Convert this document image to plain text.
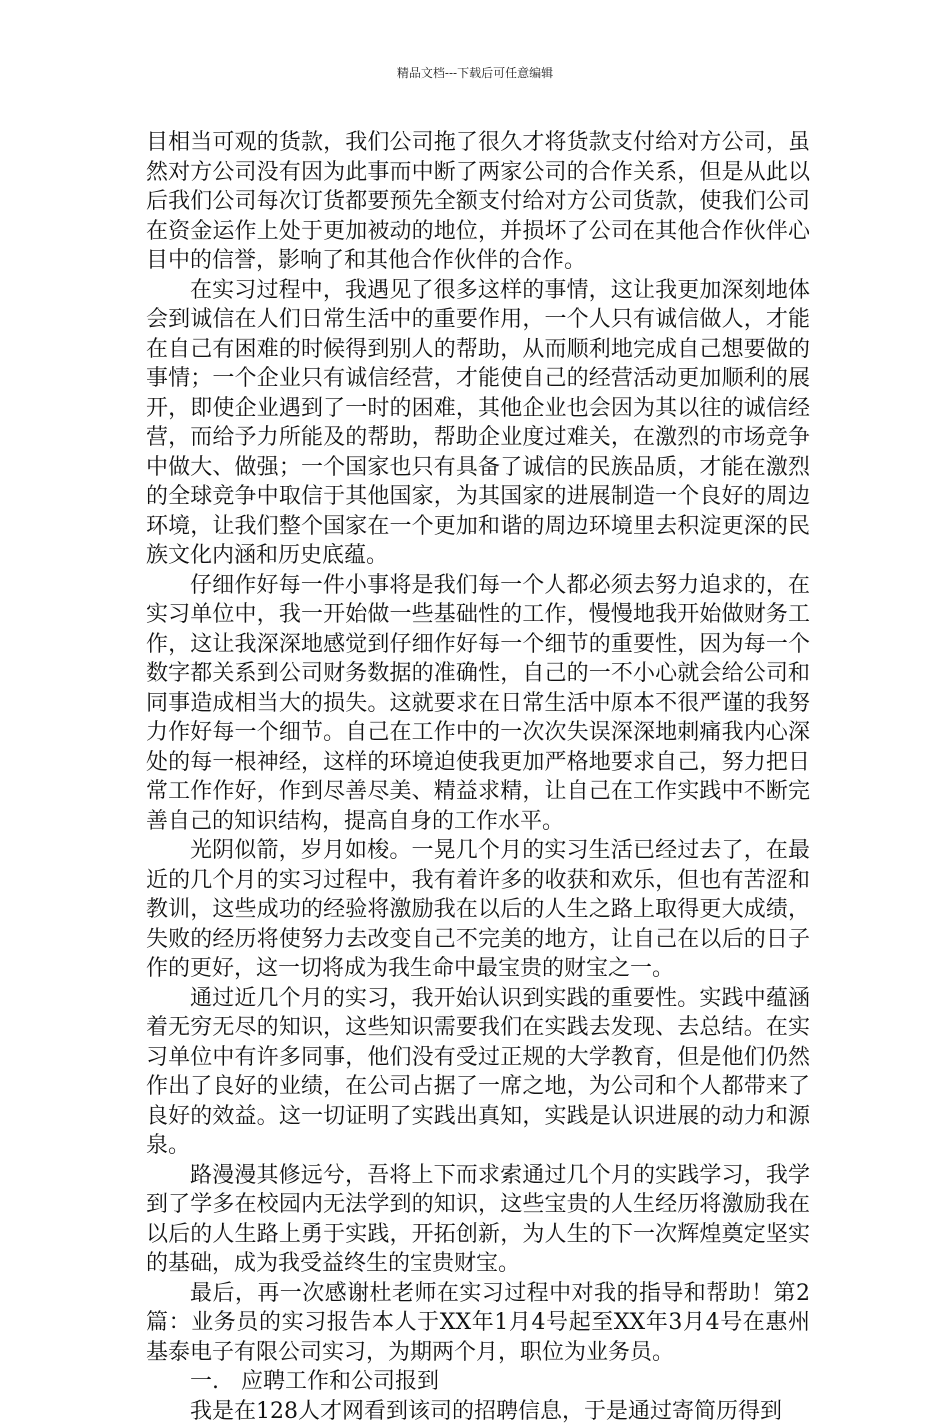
精品文档---下载后可任意编辑

目相当可观的货款，我们公司拖了很久才将货款支付给对方公司，虽然对方公司没有因为此事而中断了两家公司的合作关系，但是从此以后我们公司每次订货都要预先全额支付给对方公司货款，使我们公司在资金运作上处于更加被动的地位，并损坏了公司在其他合作伙伴心目中的信誉，影响了和其他合作伙伴的合作。

在实习过程中，我遇见了很多这样的事情，这让我更加深刻地体会到诚信在人们日常生活中的重要作用，一个人只有诚信做人，才能在自己有困难的时候得到别人的帮助，从而顺利地完成自己想要做的事情；一个企业只有诚信经营，才能使自己的经营活动更加顺利的展开，即使企业遇到了一时的困难，其他企业也会因为其以往的诚信经营，而给予力所能及的帮助，帮助企业度过难关，在激烈的市场竞争中做大、做强；一个国家也只有具备了诚信的民族品质，才能在激烈的全球竞争中取信于其他国家，为其国家的进展制造一个良好的周边环境，让我们整个国家在一个更加和谐的周边环境里去积淀更深的民族文化内涵和历史底蕴。

仔细作好每一件小事将是我们每一个人都必须去努力追求的，在实习单位中，我一开始做一些基础性的工作，慢慢地我开始做财务工作，这让我深深地感觉到仔细作好每一个细节的重要性，因为每一个数字都关系到公司财务数据的准确性，自己的一不小心就会给公司和同事造成相当大的损失。这就要求在日常生活中原本不很严谨的我努力作好每一个细节。自己在工作中的一次次失误深深地刺痛我内心深处的每一根神经，这样的环境迫使我更加严格地要求自己，努力把日常工作作好，作到尽善尽美、精益求精，让自己在工作实践中不断完善自己的知识结构，提高自身的工作水平。

光阴似箭，岁月如梭。一晃几个月的实习生活已经过去了，在最近的几个月的实习过程中，我有着许多的收获和欢乐，但也有苦涩和教训，这些成功的经验将激励我在以后的人生之路上取得更大成绩，失败的经历将使努力去改变自己不完美的地方，让自己在以后的日子作的更好，这一切将成为我生命中最宝贵的财宝之一。

通过近几个月的实习，我开始认识到实践的重要性。实践中蕴涵着无穷无尽的知识，这些知识需要我们在实践去发现、去总结。在实习单位中有许多同事，他们没有受过正规的大学教育，但是他们仍然作出了良好的业绩，在公司占据了一席之地，为公司和个人都带来了良好的效益。这一切证明了实践出真知，实践是认识进展的动力和源泉。

路漫漫其修远兮，吾将上下而求索通过几个月的实践学习，我学到了学多在校园内无法学到的知识，这些宝贵的人生经历将激励我在以后的人生路上勇于实践，开拓创新，为人生的下一次辉煌奠定坚实的基础，成为我受益终生的宝贵财宝。

最后，再一次感谢杜老师在实习过程中对我的指导和帮助！第2篇：业务员的实习报告本人于XX年1月4号起至XX年3月4号在惠州基泰电子有限公司实习，为期两个月，职位为业务员。

一.　应聘工作和公司报到

我是在128人才网看到该司的招聘信息，于是通过寄简历得到
